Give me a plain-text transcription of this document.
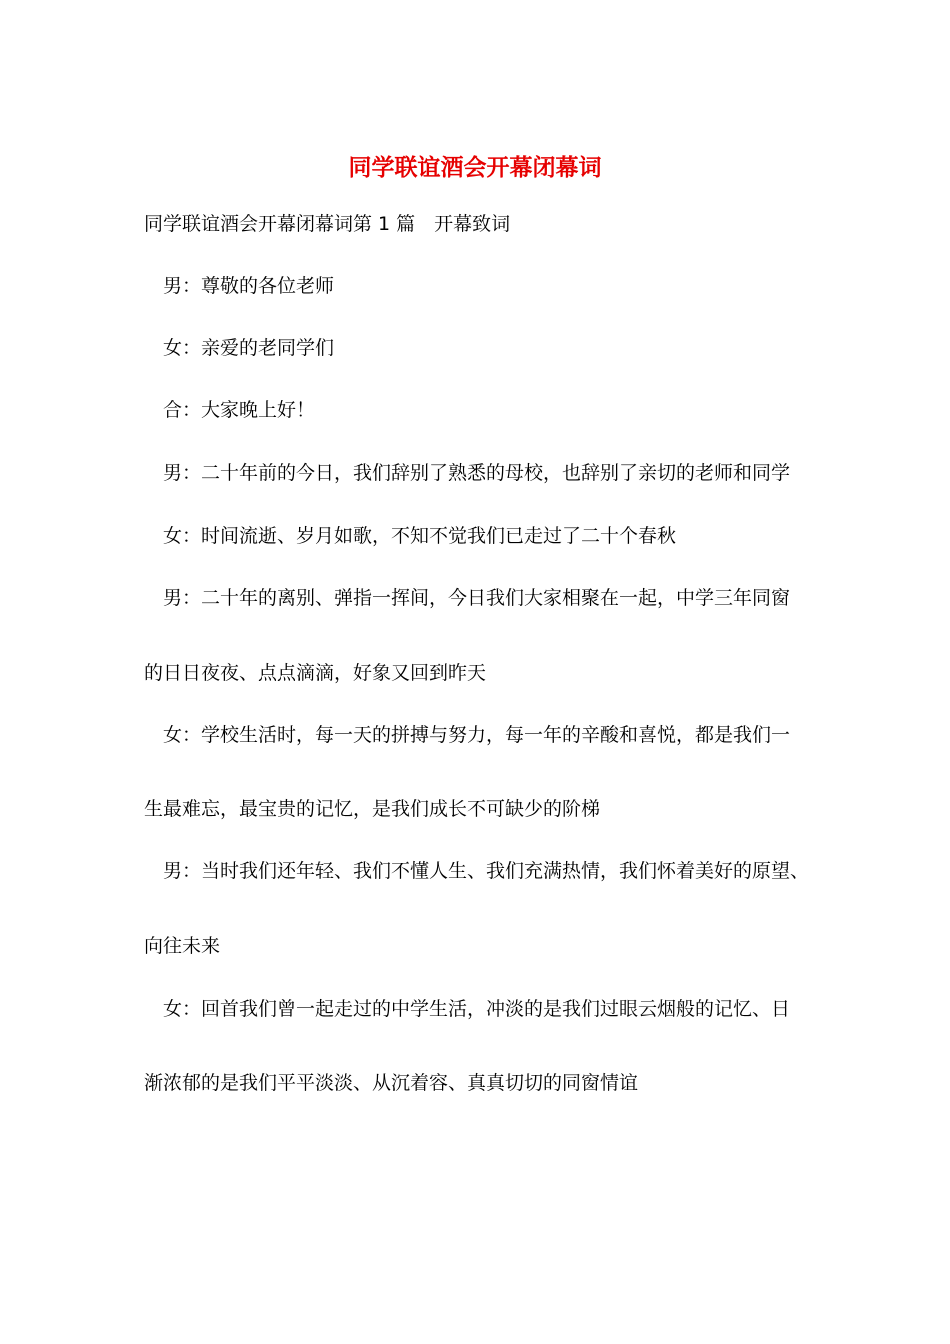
同学联谊酒会开幕闭幕词
同学联谊酒会开幕闭幕词第 1 篇　开幕致词
男：尊敬的各位老师
女：亲爱的老同学们
合：大家晚上好！
男：二十年前的今日，我们辞别了熟悉的母校，也辞别了亲切的老师和同学
女：时间流逝、岁月如歌，不知不觉我们已走过了二十个春秋
男：二十年的离别、弹指一挥间，今日我们大家相聚在一起，中学三年同窗
的日日夜夜、点点滴滴，好象又回到昨天
女：学校生活时，每一天的拼搏与努力，每一年的辛酸和喜悦，都是我们一
生最难忘，最宝贵的记忆，是我们成长不可缺少的阶梯
男：当时我们还年轻、我们不懂人生、我们充满热情，我们怀着美好的原望、
向往未来
女：回首我们曾一起走过的中学生活，冲淡的是我们过眼云烟般的记忆、日
渐浓郁的是我们平平淡淡、从沉着容、真真切切的同窗情谊
